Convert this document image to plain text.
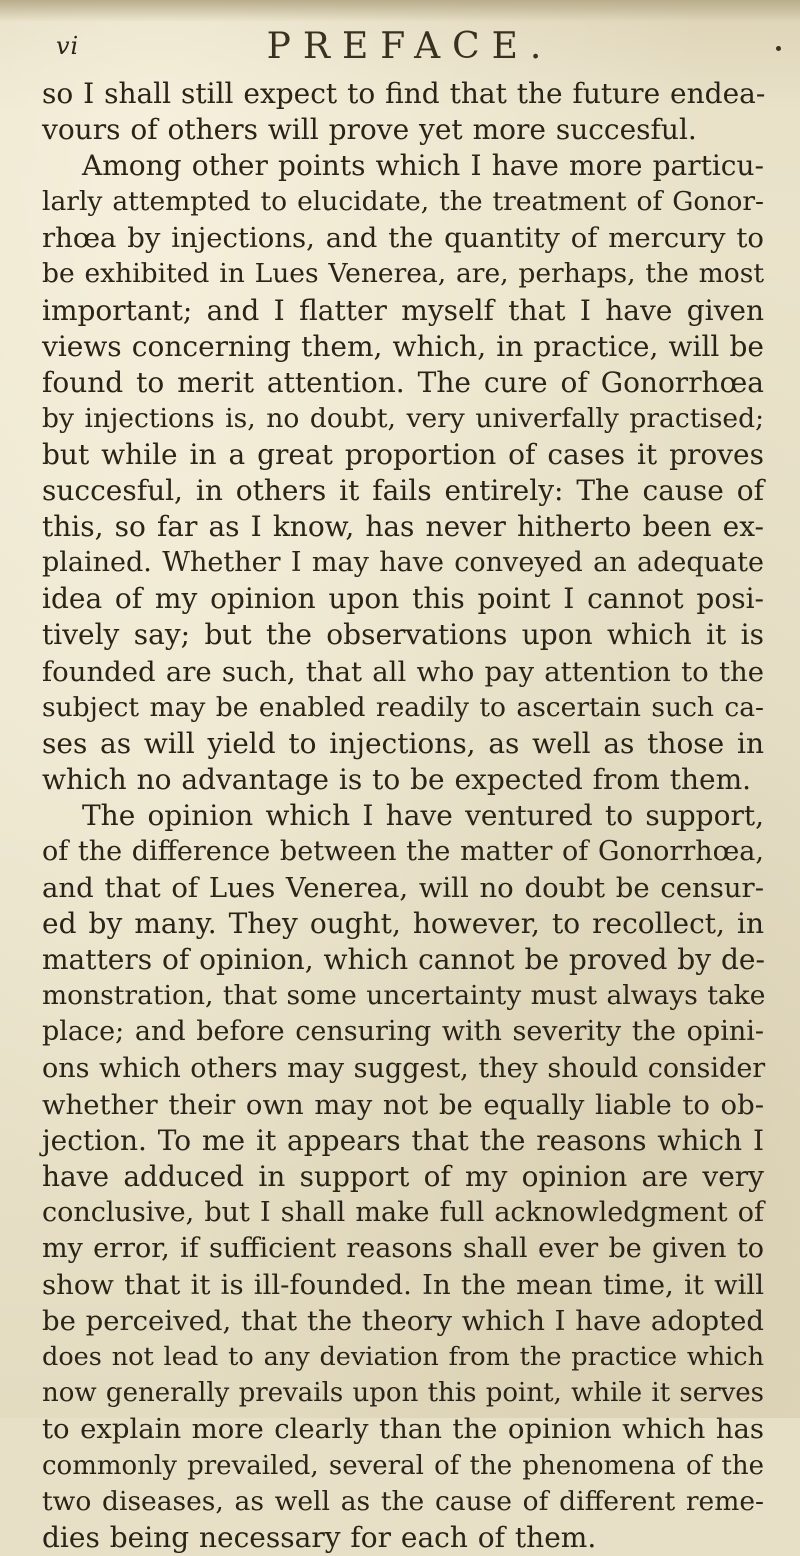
vi	PREFACE.
so I shall still expect to find that the future endea-
vours of others will prove yet more succesful.
Among other points which I have more particu-
larly attempted to elucidate, the treatment of Gonor-
rhœa by injections, and the quantity of mercury to
be exhibited in Lues Venerea, are, perhaps, the most
important; and I flatter myself that I have given
views concerning them, which, in practice, will be
found to merit attention. The cure of Gonorrhœa
by injections is, no doubt, very univerfally practised;
but while in a great proportion of cases it proves
succesful, in others it fails entirely: The cause of
this, so far as I know, has never hitherto been ex-
plained. Whether I may have conveyed an adequate
idea of my opinion upon this point I cannot posi-
tively say; but the observations upon which it is
founded are such, that all who pay attention to the
subject may be enabled readily to ascertain such ca-
ses as will yield to injections, as well as those in
which no advantage is to be expected from them.
The opinion which I have ventured to support,
of the difference between the matter of Gonorrhœa,
and that of Lues Venerea, will no doubt be censur-
ed by many. They ought, however, to recollect, in
matters of opinion, which cannot be proved by de-
monstration, that some uncertainty must always take
place; and before censuring with severity the opini-
ons which others may suggest, they should consider
whether their own may not be equally liable to ob-
jection. To me it appears that the reasons which I
have adduced in support of my opinion are very
conclusive, but I shall make full acknowledgment of
my error, if sufficient reasons shall ever be given to
show that it is ill-founded. In the mean time, it will
be perceived, that the theory which I have adopted
does not lead to any deviation from the practice which
now generally prevails upon this point, while it serves
to explain more clearly than the opinion which has
commonly prevailed, several of the phenomena of the
two diseases, as well as the cause of different reme-
dies being necessary for each of them.
